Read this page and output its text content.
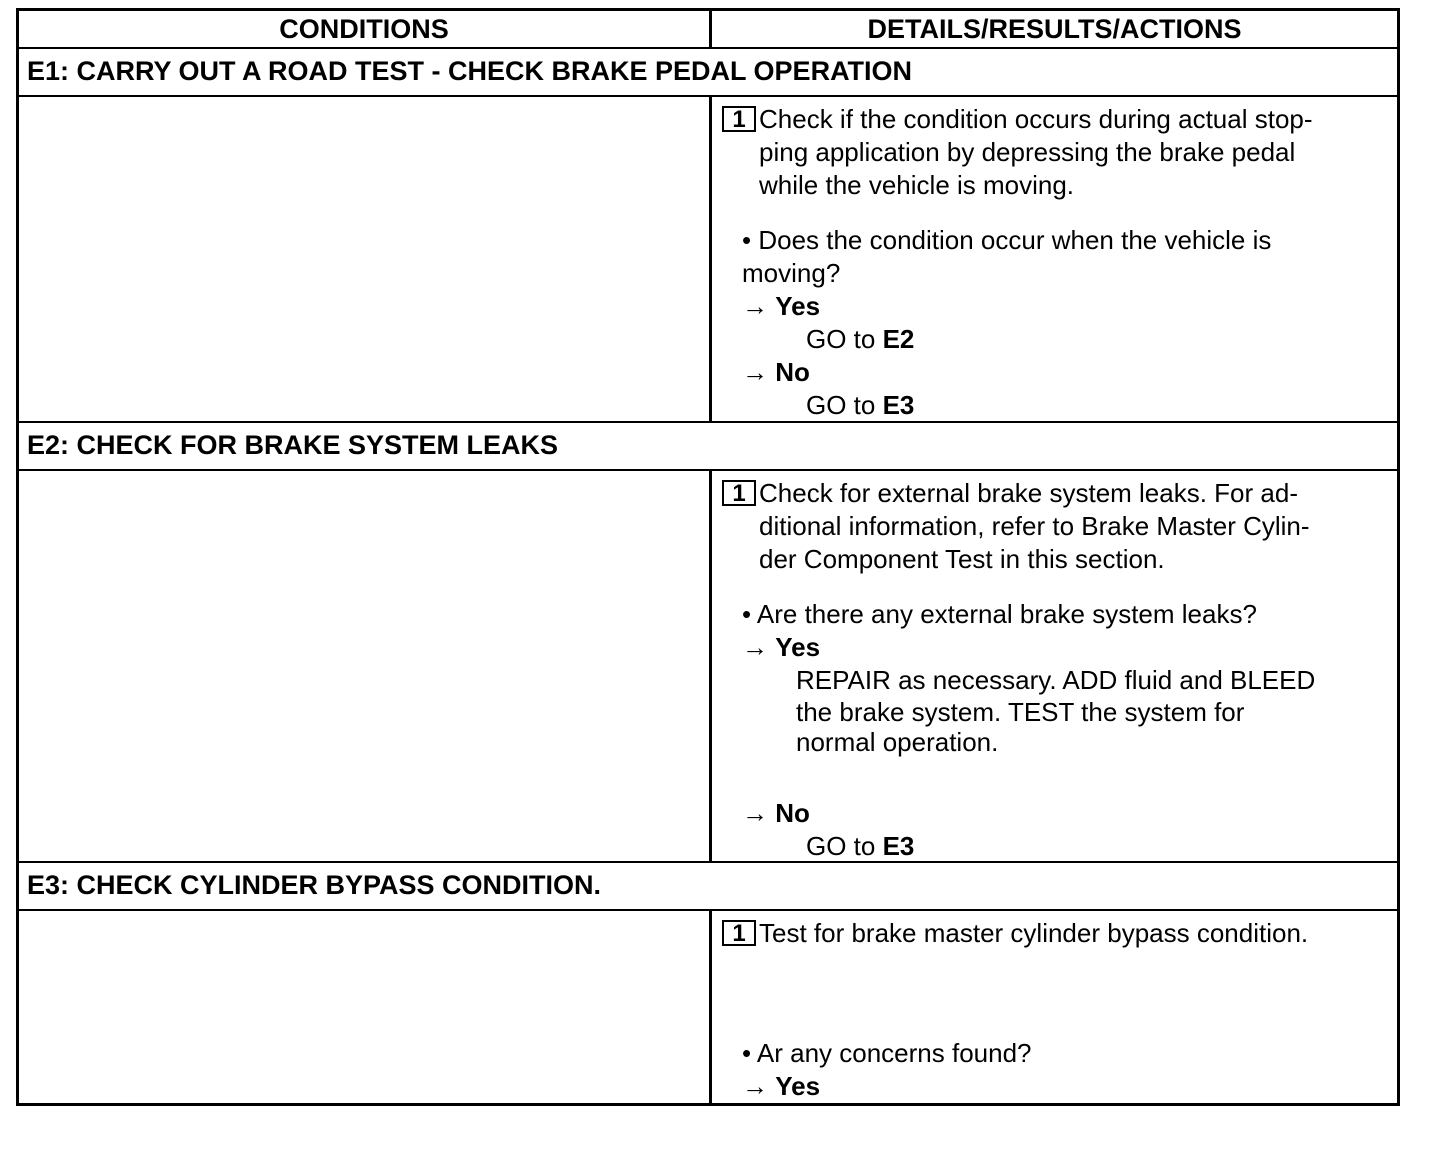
CONDITIONS	DETAILS/RESULTS/ACTIONS
E1: CARRY OUT A ROAD TEST - CHECK BRAKE PEDAL OPERATION
1 Check if the condition occurs during actual stop-
ping application by depressing the brake pedal
while the vehicle is moving.
• Does the condition occur when the vehicle is
moving?
→ Yes
GO to E2
→ No
GO to E3
E2: CHECK FOR BRAKE SYSTEM LEAKS
1 Check for external brake system leaks. For ad-
ditional information, refer to Brake Master Cylin-
der Component Test in this section.
• Are there any external brake system leaks?
→ Yes
REPAIR as necessary. ADD fluid and BLEED
the brake system. TEST the system for
normal operation.
→ No
GO to E3
E3: CHECK CYLINDER BYPASS CONDITION.
1 Test for brake master cylinder bypass condition.
• Ar any concerns found?
→ Yes
